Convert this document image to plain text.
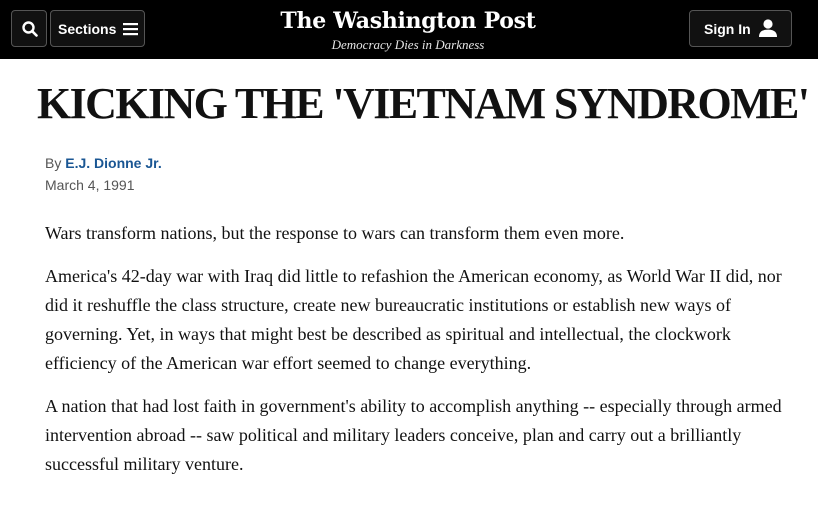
Sections	The Washington Post
Democracy Dies in Darkness
Sign In
KICKING THE 'VIETNAM SYNDROME'
By E.J. Dionne Jr.
March 4, 1991

Wars transform nations, but the response to wars can transform them even more.

America's 42-day war with Iraq did little to refashion the American economy, as World War II did, nor did it reshuffle the class structure, create new bureaucratic institutions or establish new ways of governing. Yet, in ways that might best be described as spiritual and intellectual, the clockwork efficiency of the American war effort seemed to change everything.

A nation that had lost faith in government's ability to accomplish anything -- especially through armed intervention abroad -- saw political and military leaders conceive, plan and carry out a brilliantly successful military venture.
